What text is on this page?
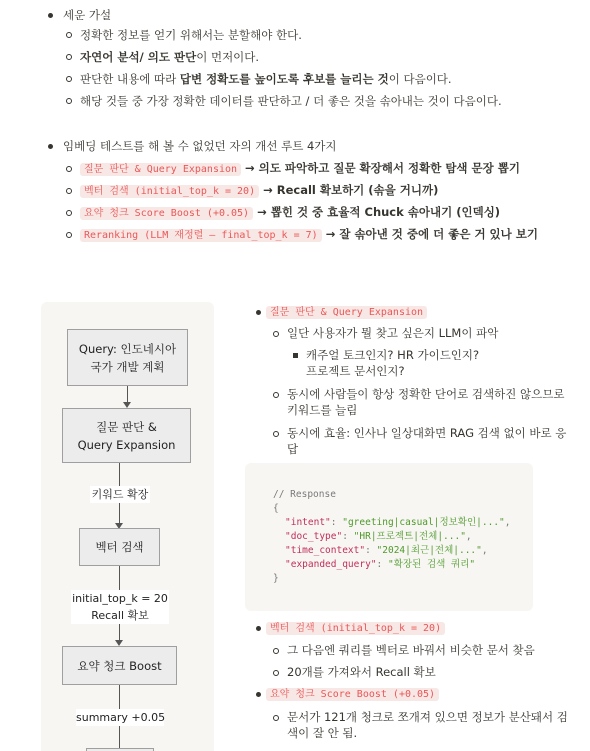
세운 가설
정확한 정보를 얻기 위해서는 분할해야 한다.
자연어 분석/ 의도 판단이 먼저이다.
판단한 내용에 따라 답변 정확도를 높이도록 후보를 늘리는 것이 다음이다.
해당 것들 중 가장 정확한 데이터를 판단하고 / 더 좋은 것을 솎아내는 것이 다음이다.
임베딩 테스트를 해 볼 수 없었던 자의 개선 루트 4가지
질문 판단 & Query Expansion → 의도 파악하고 질문 확장해서 정확한 탐색 문장 뽑기
벡터 검색 (initial_top_k = 20) → Recall 확보하기 (솎을 거니까)
요약 청크 Score Boost (+0.05) → 뽑힌 것 중 효율적 Chuck 솎아내기 (인덱싱)
Reranking (LLM 재정렬 – final_top_k = 7) → 잘 솎아낸 것 중에 더 좋은 거 있나 보기
Query: 인도네시아
국가 개발 계획
질문 판단 &
Query Expansion
키워드 확장
벡터 검색
initial_top_k = 20
Recall 확보
요약 청크 Boost
summary +0.05
질문 판단 & Query Expansion
일단 사용자가 뭘 찾고 싶은지 LLM이 파악
캐주얼 토크인지? HR 가이드인지?
프로젝트 문서인지?
동시에 사람들이 항상 정확한 단어로 검색하진 않으므로
키워드를 늘림
동시에 효율: 인사나 일상대화면 RAG 검색 없이 바로 응
답
// Response
{
"intent": "greeting|casual|정보확인|...",
"doc_type": "HR|프로젝트|전체|...",
"time_context": "2024|최근|전체|...",
"expanded_query": "확장된 검색 쿼리"
}
벡터 검색 (initial_top_k = 20)
그 다음엔 쿼리를 벡터로 바꿔서 비슷한 문서 찾음
20개를 가져와서 Recall 확보
요약 청크 Score Boost (+0.05)
문서가 121개 청크로 쪼개져 있으면 정보가 분산돼서 검
색이 잘 안 됨.
